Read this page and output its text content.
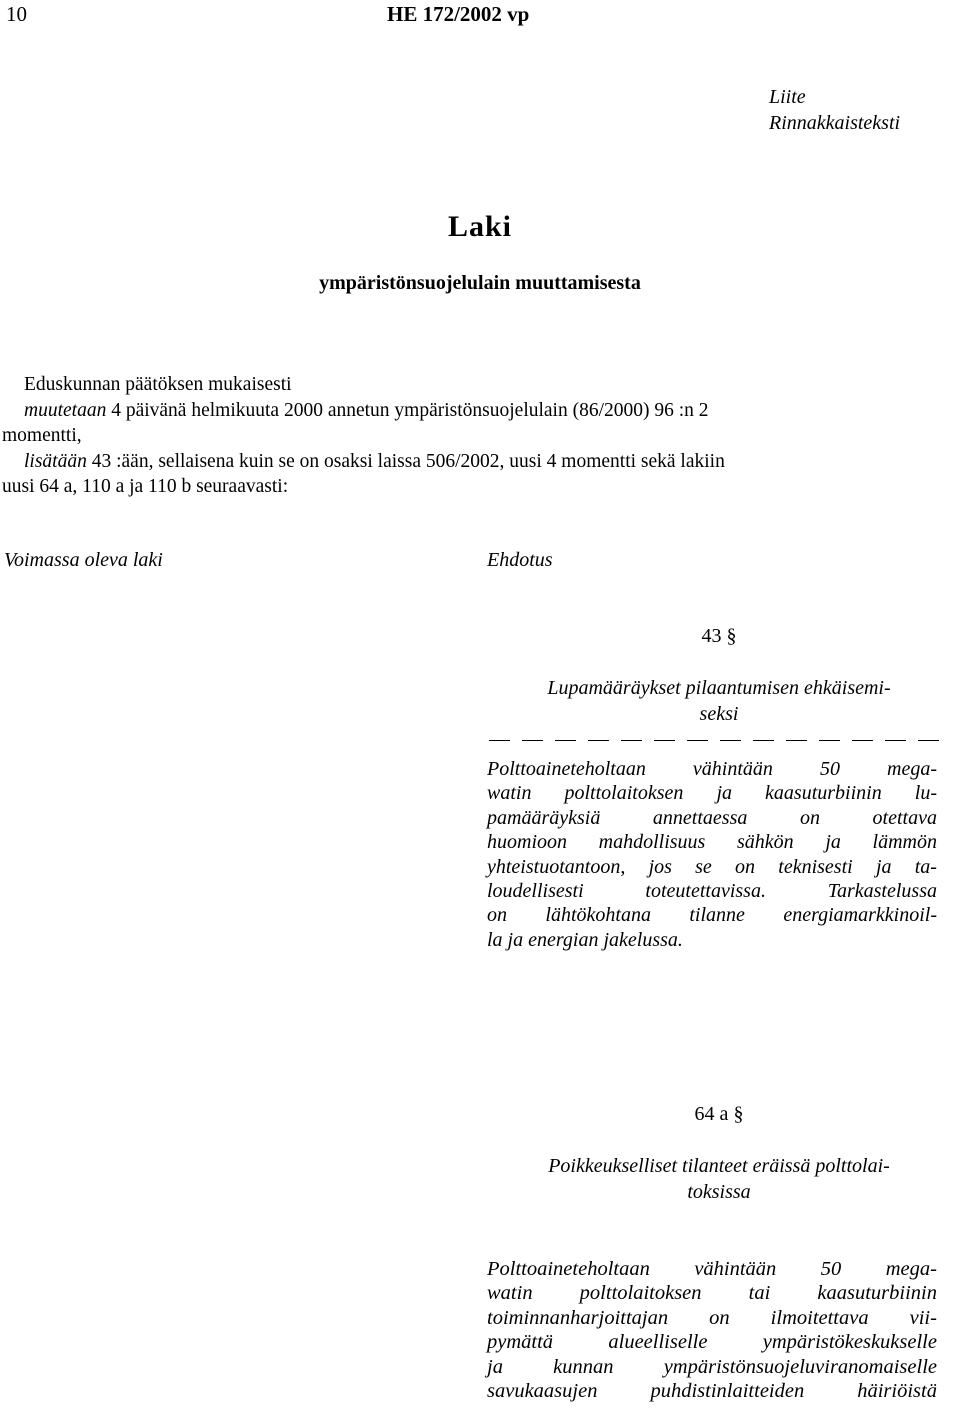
10	HE 172/2002 vp
Liite
Rinnakkaisteksti
Laki
ympäristönsuojelulain muuttamisesta
Eduskunnan päätöksen mukaisesti
muutetaan 4 päivänä helmikuuta 2000 annetun ympäristönsuojelulain (86/2000) 96 :n 2
momentti,
lisätään 43 :ään, sellaisena kuin se on osaksi laissa 506/2002, uusi 4 momentti sekä lakiin
uusi 64 a, 110 a ja 110 b seuraavasti:
Voimassa oleva laki	Ehdotus
43 §
Lupamääräykset pilaantumisen ehkäisemi-
seksi
Polttoaineteholtaan vähintään 50 mega-
watin polttolaitoksen ja kaasuturbiinin lu-
pamääräyksiä	annettaessa	on	otettava
huomioon mahdollisuus sähkön ja lämmön
yhteistuotantoon, jos se on teknisesti ja ta-
loudellisesti	toteutettavissa.	Tarkastelussa
on lähtökohtana tilanne energiamarkkinoil-
la ja energian jakelussa.
64 a §
Poikkeukselliset tilanteet eräissä polttolai-
toksissa
Polttoaineteholtaan vähintään 50 mega-
watin polttolaitoksen tai kaasuturbiinin
toiminnanharjoittajan on ilmoitettava vii-
pymättä	alueelliselle	ympäristökeskukselle
ja kunnan ympäristönsuojeluviranomaiselle
savukaasujen	puhdistinlaitteiden	häiriöistä
